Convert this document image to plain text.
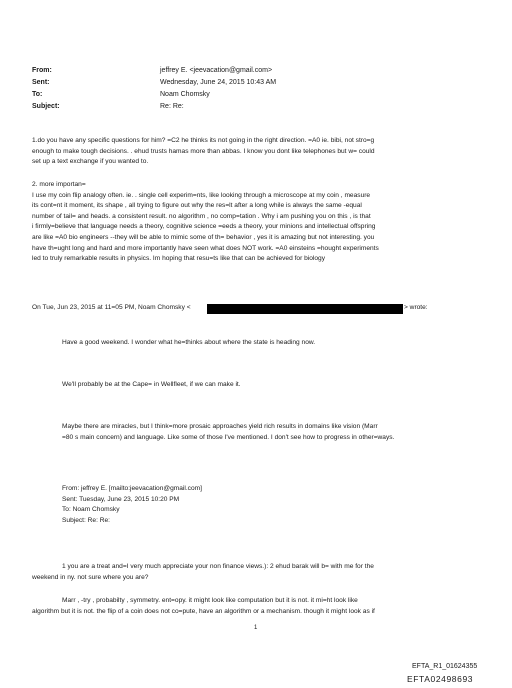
From:	jeffrey E. <jeevacation@gmail.com>
Sent:	Wednesday, June 24, 2015 10:43 AM
To:	Noam Chomsky
Subject:	Re: Re:
1.do you have any specific questions for him? =C2 he thinks its not going in the right direction. =A0 ie. bibi, not stro=g
enough to make tough decisions. . ehud trusts hamas more than abbas. I know you dont like telephones but w= could
set up a text exchange if you wanted to.
2. more importan=
I use my coin flip analogy often. ie. . single cell experim=nts, like looking through a microscope at my coin , measure
its cont=nt it moment, its shape , all trying to figure out why the res=lt after a long while is always the same -equal
number of tail= and heads. a consistent result. no algorithm , no comp=tation . Why i am pushing you on this , is that
i firmly=believe that language needs a theory, cognitive science =eeds a theory, your minions and intellectual offspring
are like =A0 bio engineers --they will be able to mimic some of th= behavior , yes it is amazing but not interesting. you
have th=ught long and hard and more importantly have seen what does NOT work. =A0 einsteins =hought experiments
led to truly remarkable results in physics. Im hoping that resu=ts like that can be achieved for biology
On Tue, Jun 23, 2015 at 11=05 PM, Noam Chomsky <	> wrote:
Have a good weekend. I wonder what he=thinks about where the state is heading now.
We'll probably be at the Cape= in Wellfleet, if we can make it.
Maybe there are miracles, but I think=more prosaic approaches yield rich results in domains like vision (Marr
=80 s main concern) and language. Like some of those I've mentioned. I don't see how to progress in other=ways.
From: jeffrey E. [mailto:jeevacation@gmail.com]
Sent: Tuesday, June 23, 2015 10:20 PM
To: Noam Chomsky
Subject: Re: Re:
1 you are a treat and=I very much appreciate your non finance views.): 2 ehud barak will b= with me for the
weekend in ny. not sure where you are?
Marr , -try , probabilty , symmetry. ent=opy. it might look like computation but it is not. it mi=ht look like
algorithm but it is not. the flip of a coin does not co=pute, have an algorithm or a mechanism. though it might look as if
1
EFTA_R1_01624355
EFTA02498693
